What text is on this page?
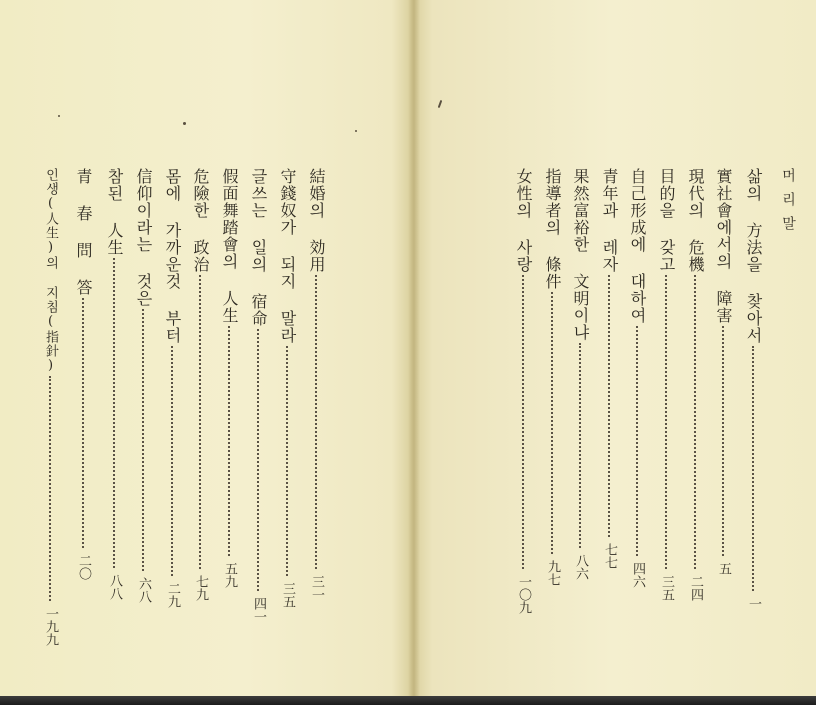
머리말
삶의 方法을 찾아서一
實社會에서의 障害五
現代의 危機二四
目的을 갖고三五
自己形成에 대하여四六
青年과 레자七七
果然富裕한 文明이냐八六
指導者의 條件九七
女性의 사랑一〇九
結婚의 効用三一
守錢奴가 되지 말라三五
글쓰는 일의 宿命四一
假面舞踏會의 人生五九
危險한 政治七九
몸에 가까운것 부터二九
信仰이라는 것은六八
참된 人生八八
青 春 問 答二〇
인생(人生)의 지침(指針)一九九
